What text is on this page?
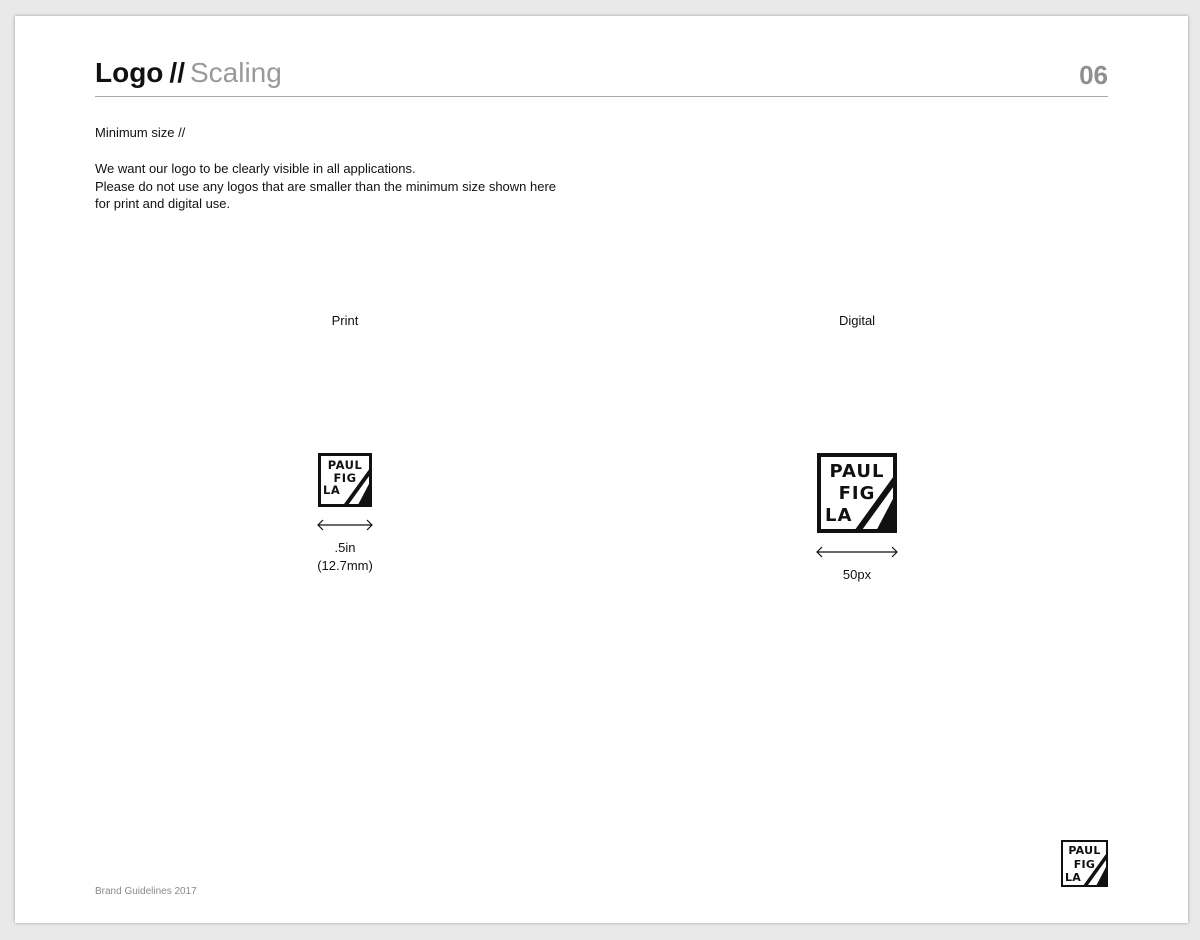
Logo // Scaling	06
Minimum size //
We want our logo to be clearly visible in all applications.
Please do not use any logos that are smaller than the minimum size shown here
for print and digital use.
Print	Digital
PAUL
FIG
LA
.5in
(12.7mm)
PAUL
FIG
LA
50px
PAUL
FIG
LA
Brand Guidelines 2017
